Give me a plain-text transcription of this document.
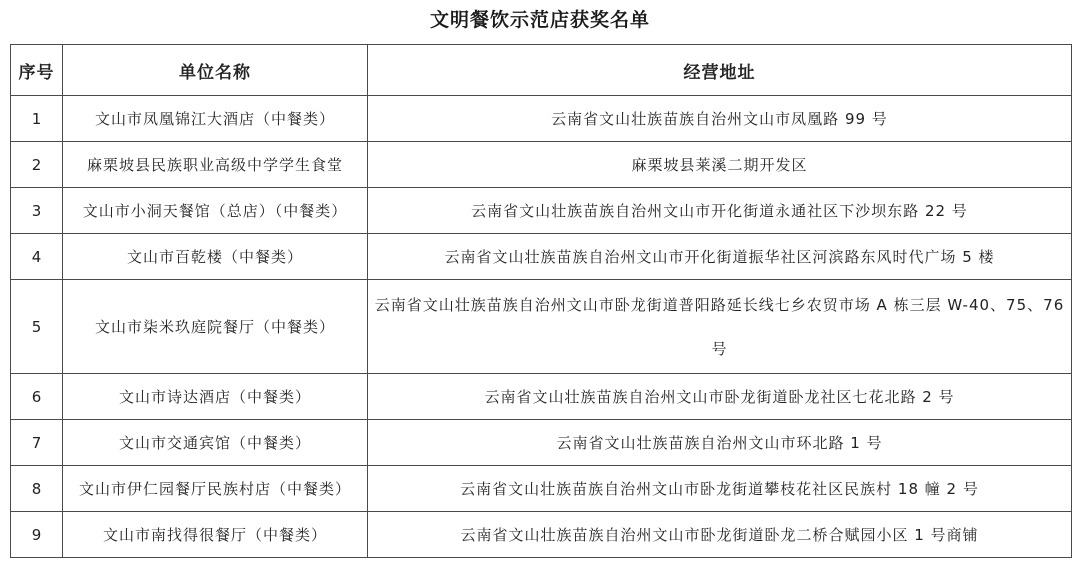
文明餐饮示范店获奖名单
序号	单位名称	经营地址
1	文山市凤凰锦江大酒店（中餐类）	云南省文山壮族苗族自治州文山市凤凰路 99 号
2	麻栗坡县民族职业高级中学学生食堂	麻栗坡县莱溪二期开发区
3	文山市小洞天餐馆（总店）（中餐类）	云南省文山壮族苗族自治州文山市开化街道永通社区下沙坝东路 22 号
4	文山市百乾楼（中餐类）	云南省文山壮族苗族自治州文山市开化街道振华社区河滨路东风时代广场 5 楼
5	文山市柒米玖庭院餐厅（中餐类）	云南省文山壮族苗族自治州文山市卧龙街道普阳路延长线七乡农贸市场 A 栋三层 W-40、75、76 号
6	文山市诗达酒店（中餐类）	云南省文山壮族苗族自治州文山市卧龙街道卧龙社区七花北路 2 号
7	文山市交通宾馆（中餐类）	云南省文山壮族苗族自治州文山市环北路 1 号
8	文山市伊仁园餐厅民族村店（中餐类）	云南省文山壮族苗族自治州文山市卧龙街道攀枝花社区民族村 18 幢 2 号
9	文山市南找得很餐厅（中餐类）	云南省文山壮族苗族自治州文山市卧龙街道卧龙二桥合赋园小区 1 号商铺
